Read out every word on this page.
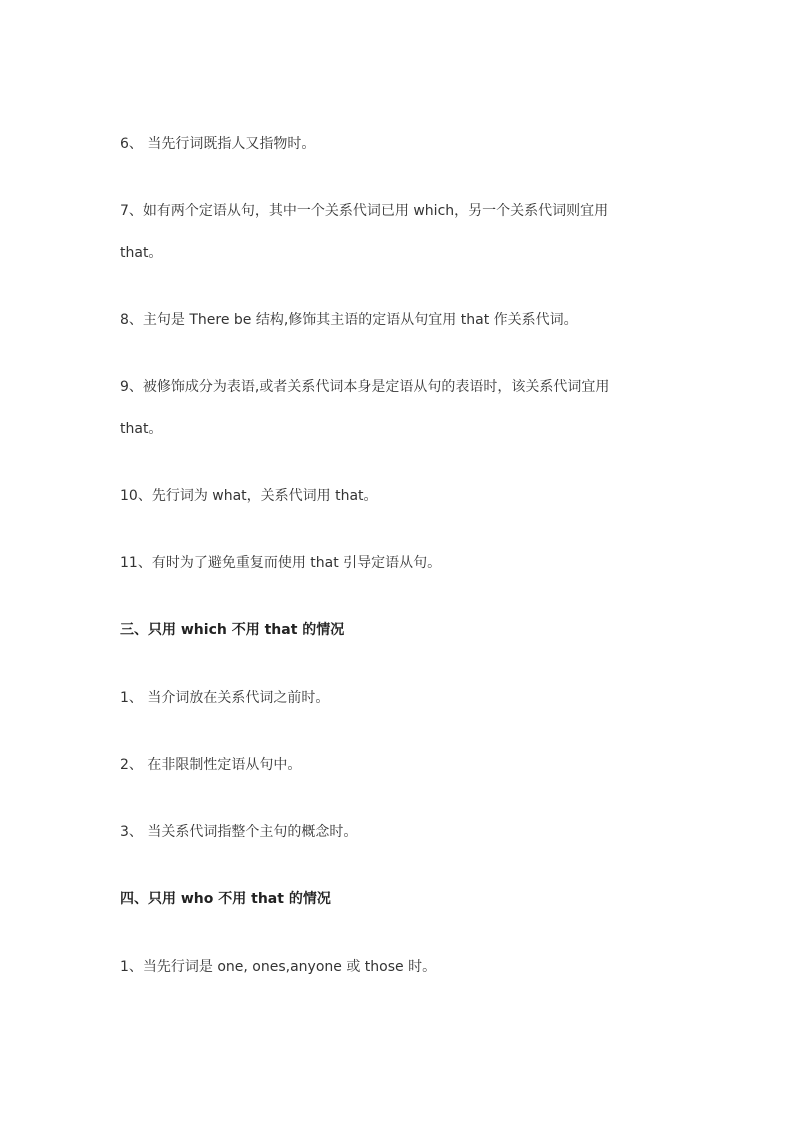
6、 当先行词既指人又指物时。
7、如有两个定语从句，其中一个关系代词已用 which，另一个关系代词则宜用
that。
8、主句是 There be 结构,修饰其主语的定语从句宜用 that 作关系代词。
9、被修饰成分为表语,或者关系代词本身是定语从句的表语时，该关系代词宜用
that。
10、先行词为 what，关系代词用 that。
11、有时为了避免重复而使用 that 引导定语从句。
三、只用 which 不用 that 的情况
1、 当介词放在关系代词之前时。
2、 在非限制性定语从句中。
3、 当关系代词指整个主句的概念时。
四、只用 who 不用 that 的情况
1、当先行词是 one, ones,anyone 或 those 时。
